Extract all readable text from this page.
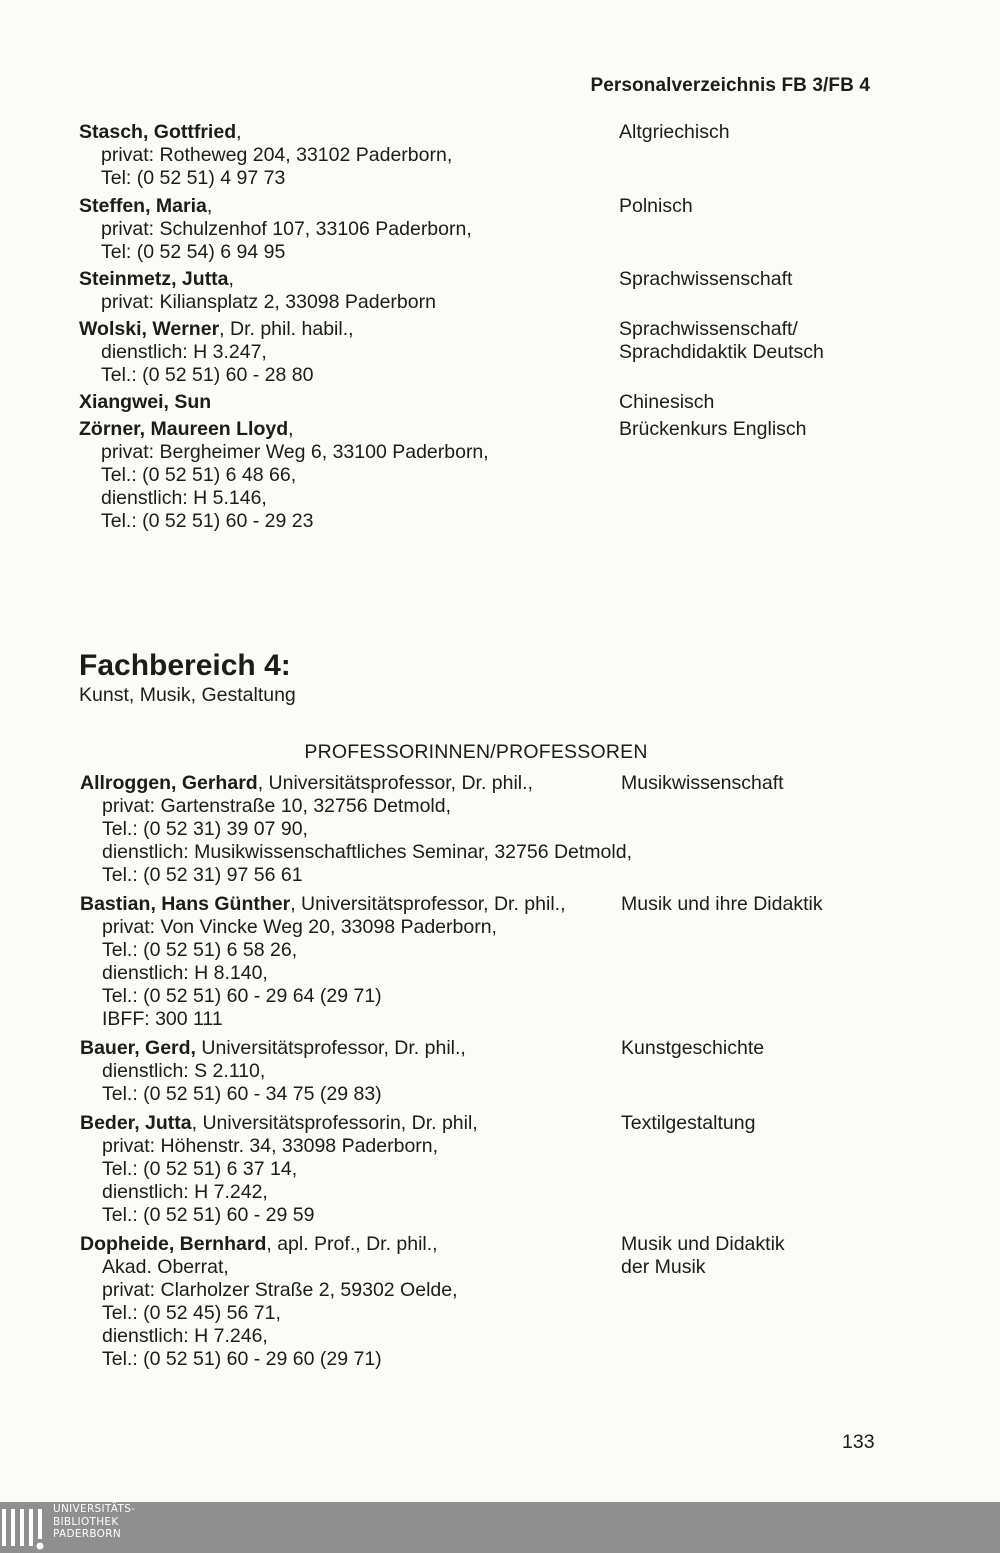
Personalverzeichnis FB 3/FB 4
Stasch, Gottfried,
privat: Rotheweg 204, 33102 Paderborn,
Tel: (0 52 51) 4 97 73
Altgriechisch
Steffen, Maria,
privat: Schulzenhof 107, 33106 Paderborn,
Tel: (0 52 54) 6 94 95
Polnisch
Steinmetz, Jutta,
privat: Kiliansplatz 2, 33098 Paderborn
Sprachwissenschaft
Wolski, Werner, Dr. phil. habil.,
dienstlich: H 3.247,
Tel.: (0 52 51) 60 - 28 80
Sprachwissenschaft/
Sprachdidaktik Deutsch
Xiangwei, Sun	Chinesisch
Zörner, Maureen Lloyd,
privat: Bergheimer Weg 6, 33100 Paderborn,
Tel.: (0 52 51) 6 48 66,
dienstlich: H 5.146,
Tel.: (0 52 51) 60 - 29 23
Brückenkurs Englisch
Fachbereich 4:
Kunst, Musik, Gestaltung
PROFESSORINNEN/PROFESSOREN
Allroggen, Gerhard, Universitätsprofessor, Dr. phil.,
privat: Gartenstraße 10, 32756 Detmold,
Tel.: (0 52 31) 39 07 90,
dienstlich: Musikwissenschaftliches Seminar, 32756 Detmold,
Tel.: (0 52 31) 97 56 61
Musikwissenschaft
Bastian, Hans Günther, Universitätsprofessor, Dr. phil.,
privat: Von Vincke Weg 20, 33098 Paderborn,
Tel.: (0 52 51) 6 58 26,
dienstlich: H 8.140,
Tel.: (0 52 51) 60 - 29 64 (29 71)
IBFF: 300 111
Musik und ihre Didaktik
Bauer, Gerd, Universitätsprofessor, Dr. phil.,
dienstlich: S 2.110,
Tel.: (0 52 51) 60 - 34 75 (29 83)
Kunstgeschichte
Beder, Jutta, Universitätsprofessorin, Dr. phil,
privat: Höhenstr. 34, 33098 Paderborn,
Tel.: (0 52 51) 6 37 14,
dienstlich: H 7.242,
Tel.: (0 52 51) 60 - 29 59
Textilgestaltung
Dopheide, Bernhard, apl. Prof., Dr. phil.,
Akad. Oberrat,
privat: Clarholzer Straße 2, 59302 Oelde,
Tel.: (0 52 45) 56 71,
dienstlich: H 7.246,
Tel.: (0 52 51) 60 - 29 60 (29 71)
Musik und Didaktik
der Musik
133
UNIVERSITÄTS-
BIBLIOTHEK
PADERBORN
